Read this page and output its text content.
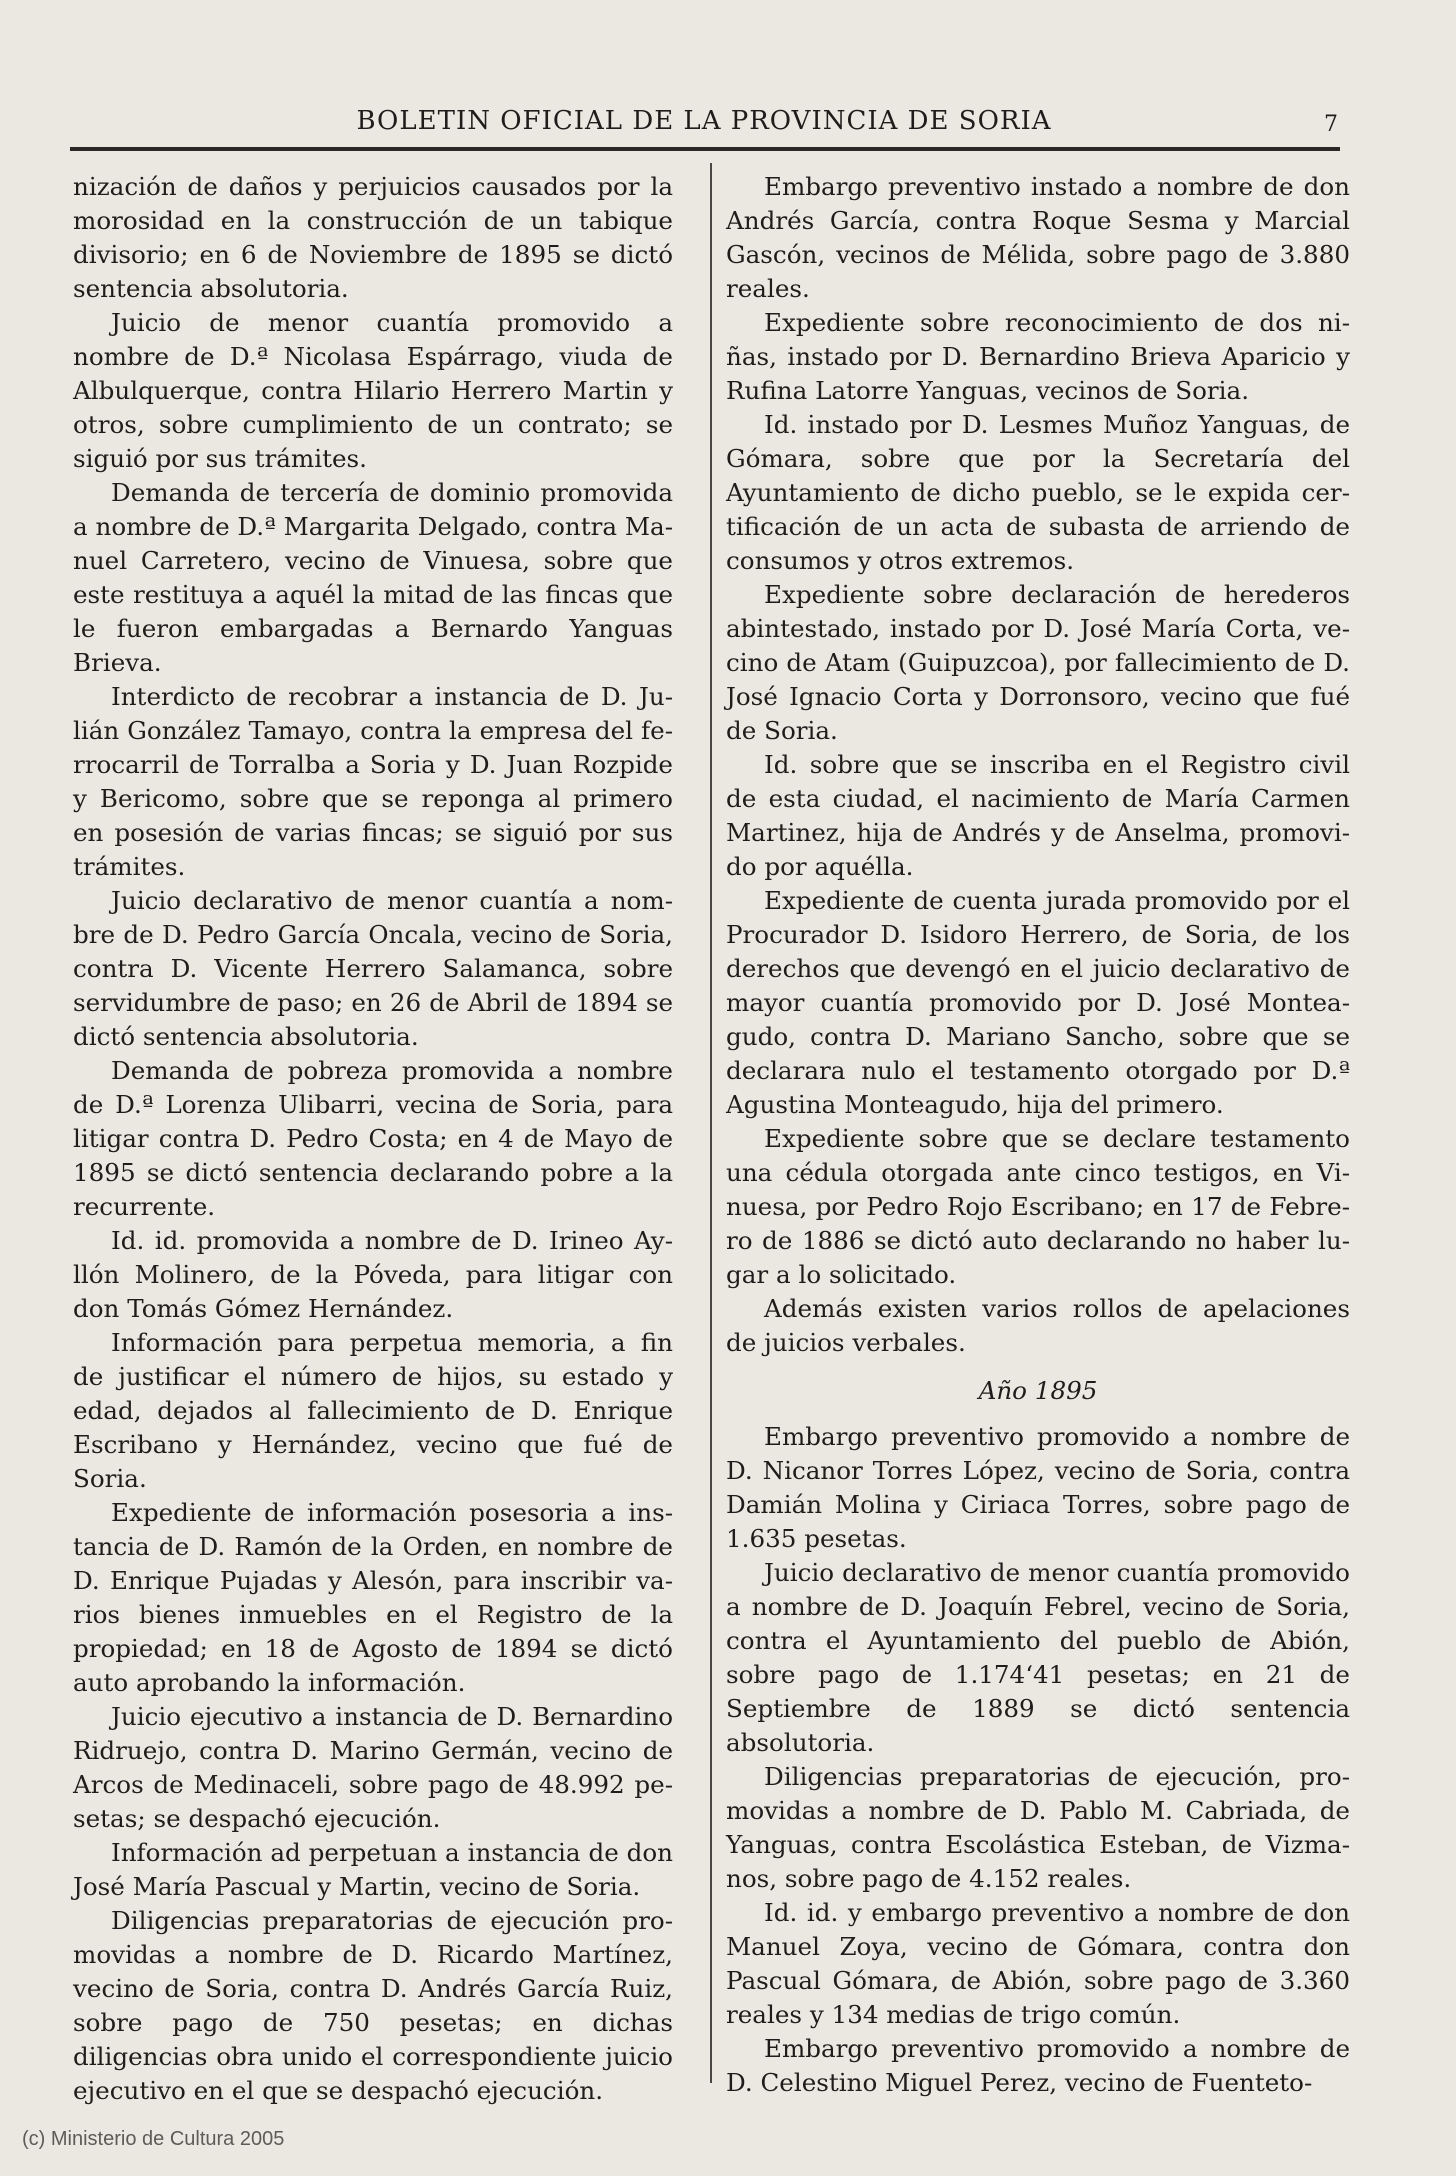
BOLETIN OFICIAL DE LA PROVINCIA DE SORIA	7

nización de daños y perjuicios causados por la morosidad en la construcción de un tabique divisorio; en 6 de Noviembre de 1895 se dictó sentencia absolutoria.

Juicio de menor cuantía promovido a nombre de D.ª Nicolasa Espárrago, viuda de Albulquerque, contra Hilario Herrero Martin y otros, sobre cumplimiento de un contrato; se siguió por sus trámites.

Demanda de tercería de dominio promovida a nombre de D.ª Margarita Delgado, contra Manuel Carretero, vecino de Vinuesa, sobre que este restituya a aquél la mitad de las fincas que le fueron embargadas a Bernardo Yanguas Brieva.

Interdicto de recobrar a instancia de D. Julián González Tamayo, contra la empresa del ferrocarril de Torralba a Soria y D. Juan Rozpide y Bericomo, sobre que se reponga al primero en posesión de varias fincas; se siguió por sus trámites.

Juicio declarativo de menor cuantía a nombre de D. Pedro García Oncala, vecino de Soria, contra D. Vicente Herrero Salamanca, sobre servidumbre de paso; en 26 de Abril de 1894 se dictó sentencia absolutoria.

Demanda de pobreza promovida a nombre de D.ª Lorenza Ulibarri, vecina de Soria, para litigar contra D. Pedro Costa; en 4 de Mayo de 1895 se dictó sentencia declarando pobre a la recurrente.

Id. id. promovida a nombre de D. Irineo Ayllón Molinero, de la Póveda, para litigar con don Tomás Gómez Hernández.

Información para perpetua memoria, a fin de justificar el número de hijos, su estado y edad, dejados al fallecimiento de D. Enrique Escribano y Hernández, vecino que fué de Soria.

Expediente de información posesoria a instancia de D. Ramón de la Orden, en nombre de D. Enrique Pujadas y Alesón, para inscribir varios bienes inmuebles en el Registro de la propiedad; en 18 de Agosto de 1894 se dictó auto aprobando la información.

Juicio ejecutivo a instancia de D. Bernardino Ridruejo, contra D. Marino Germán, vecino de Arcos de Medinaceli, sobre pago de 48.992 pesetas; se despachó ejecución.

Información ad perpetuan a instancia de don José María Pascual y Martin, vecino de Soria.

Diligencias preparatorias de ejecución promovidas a nombre de D. Ricardo Martínez, vecino de Soria, contra D. Andrés García Ruiz, sobre pago de 750 pesetas; en dichas diligencias obra unido el correspondiente juicio ejecutivo en el que se despachó ejecución.

Embargo preventivo instado a nombre de don Andrés García, contra Roque Sesma y Marcial Gascón, vecinos de Mélida, sobre pago de 3.880 reales.

Expediente sobre reconocimiento de dos niñas, instado por D. Bernardino Brieva Aparicio y Rufina Latorre Yanguas, vecinos de Soria.

Id. instado por D. Lesmes Muñoz Yanguas, de Gómara, sobre que por la Secretaría del Ayuntamiento de dicho pueblo, se le expida certificación de un acta de subasta de arriendo de consumos y otros extremos.

Expediente sobre declaración de herederos abintestado, instado por D. José María Corta, vecino de Atam (Guipuzcoa), por fallecimiento de D. José Ignacio Corta y Dorronsoro, vecino que fué de Soria.

Id. sobre que se inscriba en el Registro civil de esta ciudad, el nacimiento de María Carmen Martinez, hija de Andrés y de Anselma, promovido por aquélla.

Expediente de cuenta jurada promovido por el Procurador D. Isidoro Herrero, de Soria, de los derechos que devengó en el juicio declarativo de mayor cuantía promovido por D. José Monteagudo, contra D. Mariano Sancho, sobre que se declarara nulo el testamento otorgado por D.ª Agustina Monteagudo, hija del primero.

Expediente sobre que se declare testamento una cédula otorgada ante cinco testigos, en Vinuesa, por Pedro Rojo Escribano; en 17 de Febrero de 1886 se dictó auto declarando no haber lugar a lo solicitado.

Además existen varios rollos de apelaciones de juicios verbales.

Año 1895

Embargo preventivo promovido a nombre de D. Nicanor Torres López, vecino de Soria, contra Damián Molina y Ciriaca Torres, sobre pago de 1.635 pesetas.

Juicio declarativo de menor cuantía promovido a nombre de D. Joaquín Febrel, vecino de Soria, contra el Ayuntamiento del pueblo de Abión, sobre pago de 1.174‘41 pesetas; en 21 de Septiembre de 1889 se dictó sentencia absolutoria.

Diligencias preparatorias de ejecución, promovidas a nombre de D. Pablo M. Cabriada, de Yanguas, contra Escolástica Esteban, de Vizmanos, sobre pago de 4.152 reales.

Id. id. y embargo preventivo a nombre de don Manuel Zoya, vecino de Gómara, contra don Pascual Gómara, de Abión, sobre pago de 3.360 reales y 134 medias de trigo común.

Embargo preventivo promovido a nombre de D. Celestino Miguel Perez, vecino de Fuenteto-

(c) Ministerio de Cultura 2005
